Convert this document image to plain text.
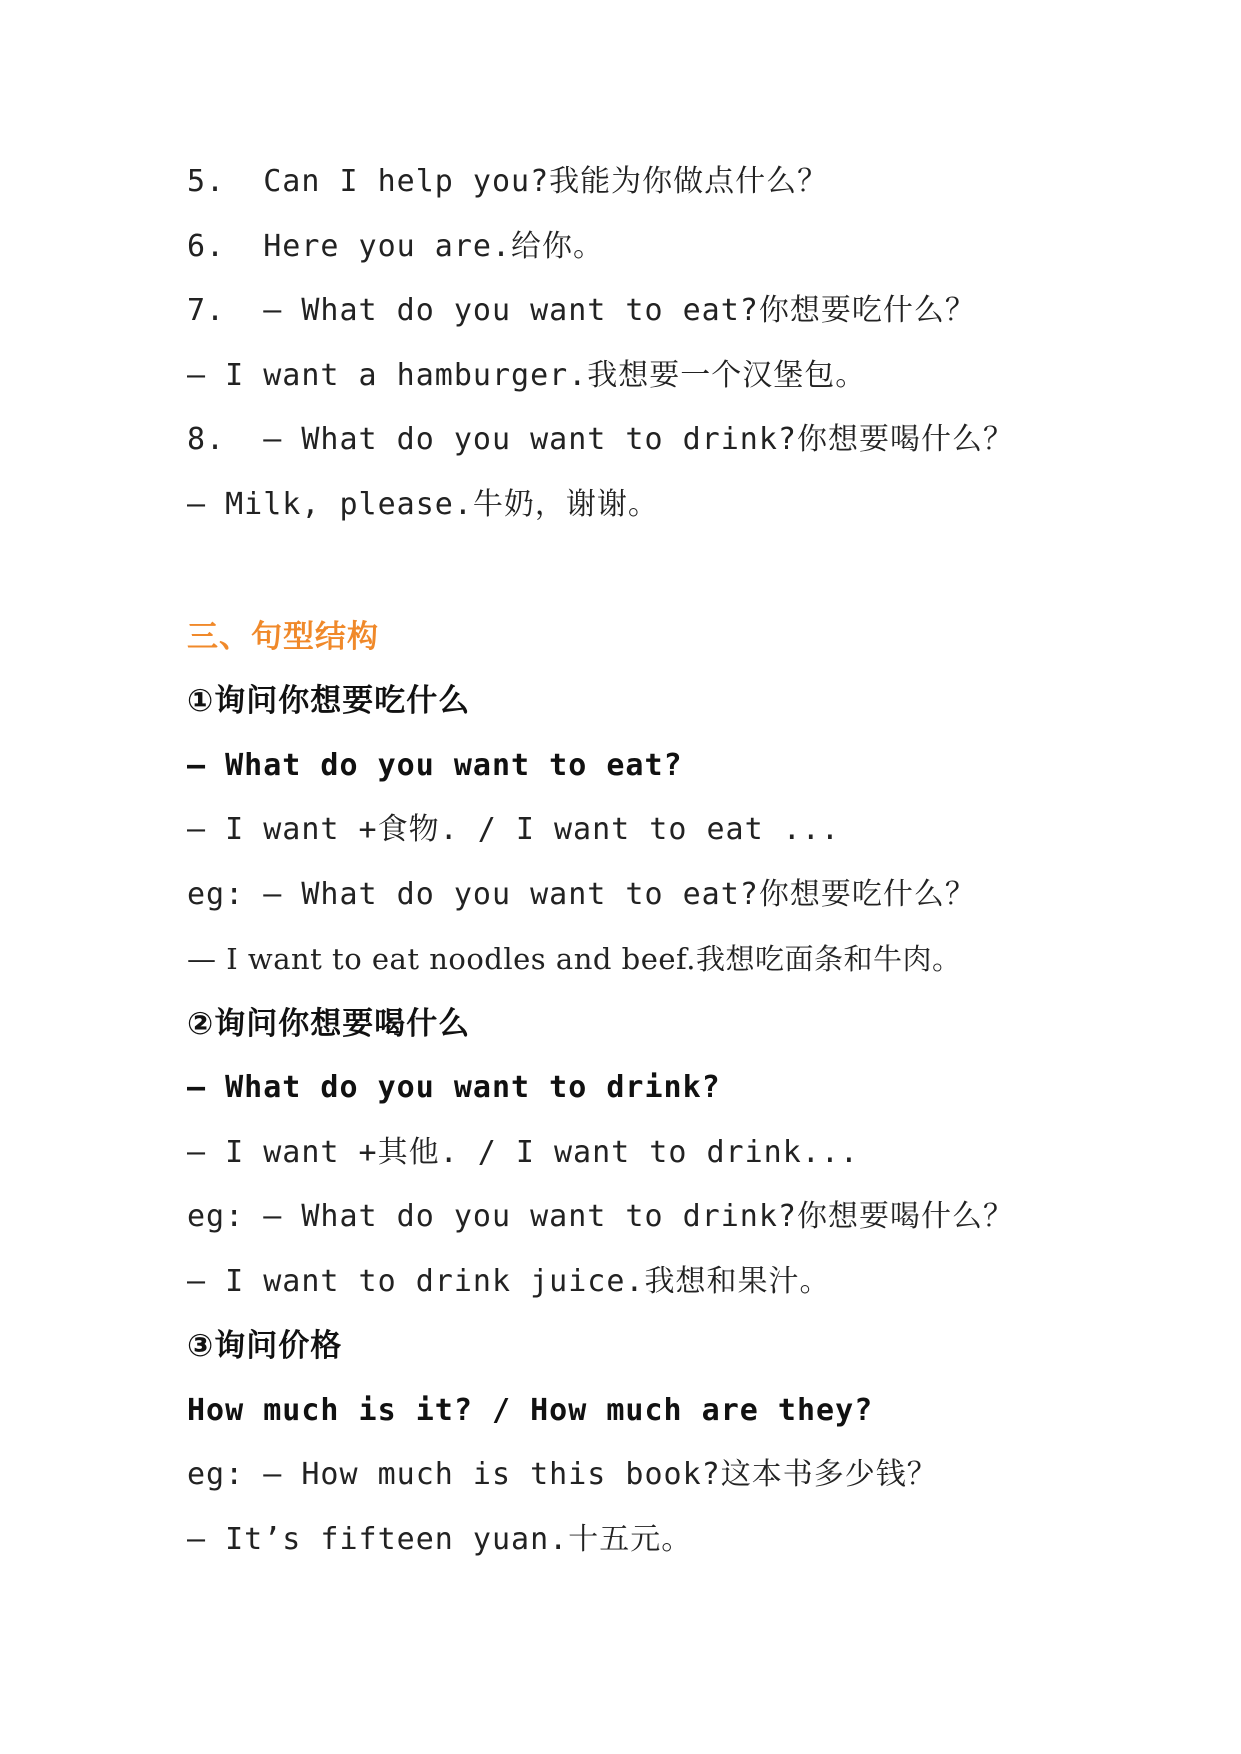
5.  Can I help you?我能为你做点什么？
6.  Here you are.给你。
7.  — What do you want to eat?你想要吃什么？
— I want a hamburger.我想要一个汉堡包。
8.  — What do you want to drink?你想要喝什么？
— Milk, please.牛奶，谢谢。
三、句型结构
①询问你想要吃什么
— What do you want to eat?
— I want +食物. / I want to eat ...
eg: — What do you want to eat?你想要吃什么？
— I want to eat noodles and beef.我想吃面条和牛肉。
②询问你想要喝什么
— What do you want to drink?
— I want +其他. / I want to drink...
eg: — What do you want to drink?你想要喝什么？
— I want to drink juice.我想和果汁。
③询问价格
How much is it? / How much are they?
eg: — How much is this book?这本书多少钱？
— It’s fifteen yuan.十五元。
